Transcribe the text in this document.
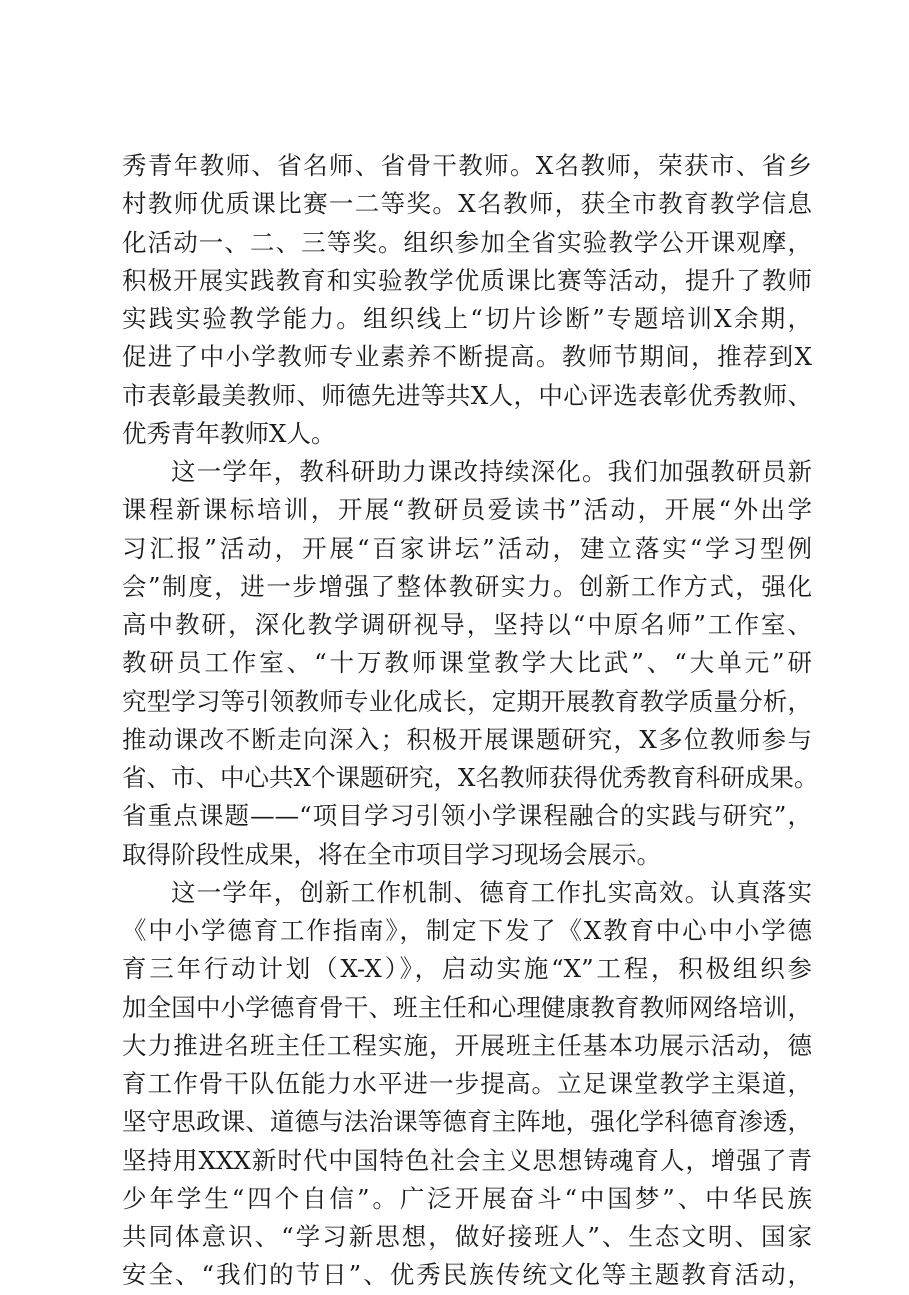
秀青年教师、省名师、省骨干教师。X名教师，荣获市、省乡
村教师优质课比赛一二等奖。X名教师，获全市教育教学信息
化活动一、二、三等奖。组织参加全省实验教学公开课观摩，
积极开展实践教育和实验教学优质课比赛等活动，提升了教师
实践实验教学能力。组织线上“切片诊断”专题培训X余期，
促进了中小学教师专业素养不断提高。教师节期间，推荐到X
市表彰最美教师、师德先进等共X人，中心评选表彰优秀教师、
优秀青年教师X人。
这一学年，教科研助力课改持续深化。我们加强教研员新
课程新课标培训，开展“教研员爱读书”活动，开展“外出学
习汇报”活动，开展“百家讲坛”活动，建立落实“学习型例
会”制度，进一步增强了整体教研实力。创新工作方式，强化
高中教研，深化教学调研视导，坚持以“中原名师”工作室、
教研员工作室、“十万教师课堂教学大比武”、“大单元”研
究型学习等引领教师专业化成长，定期开展教育教学质量分析，
推动课改不断走向深入；积极开展课题研究，X多位教师参与
省、市、中心共X个课题研究，X名教师获得优秀教育科研成果。
省重点课题——“项目学习引领小学课程融合的实践与研究”，
取得阶段性成果，将在全市项目学习现场会展示。
这一学年，创新工作机制、德育工作扎实高效。认真落实
《中小学德育工作指南》，制定下发了《X教育中心中小学德
育三年行动计划（X-X）》，启动实施“X”工程，积极组织参
加全国中小学德育骨干、班主任和心理健康教育教师网络培训，
大力推进名班主任工程实施，开展班主任基本功展示活动，德
育工作骨干队伍能力水平进一步提高。立足课堂教学主渠道，
坚守思政课、道德与法治课等德育主阵地，强化学科德育渗透，
坚持用XXX新时代中国特色社会主义思想铸魂育人，增强了青
少年学生“四个自信”。广泛开展奋斗“中国梦”、中华民族
共同体意识、“学习新思想，做好接班人”、生态文明、国家
安全、“我们的节日”、优秀民族传统文化等主题教育活动，
